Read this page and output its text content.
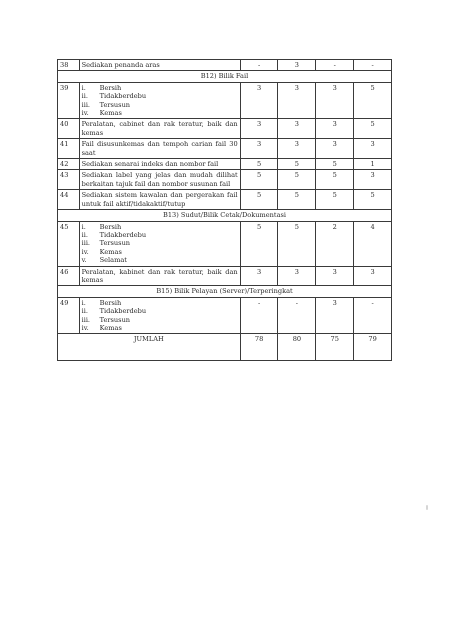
38	Sediakan penanda aras	-	3	-	-
B12) Bilik Fail					
39	i. Bersih
ii. Tidakberdebu
iii. Tersusun
iv. Kemas	3	3	3	5
40	Peralatan, cabinet dan rak teratur, baik dan kemas	3	3	3	5
41	Fail disusunkemas dan tempoh carian fail 30 saat	3	3	3	3
42	Sediakan senarai indeks dan nombor fail	5	5	5	1
43	Sediakan label yang jelas dan mudah dilihat berkaitan tajuk fail dan nombor susunan fail	5	5	5	3
44	Sediakan sistem kawalan dan pergerakan fail untuk fail aktif/tidakaktif/tutup	5	5	5	5
B13) Sudut/Bilik Cetak/Dokumentasi					
45	i. Bersih
ii. Tidakberdebu
iii. Tersusun
iv. Kemas
v. Selamat	5	5	2	4
46	Peralatan, kabinet dan rak teratur, baik dan kemas	3	3	3	3
B15) Bilik Pelayan (Server)/Terperingkat					
49	i. Bersih
ii. Tidakberdebu
iii. Tersusun
iv. Kemas	-	-	3	-
JUMLAH		78	80	75	79
